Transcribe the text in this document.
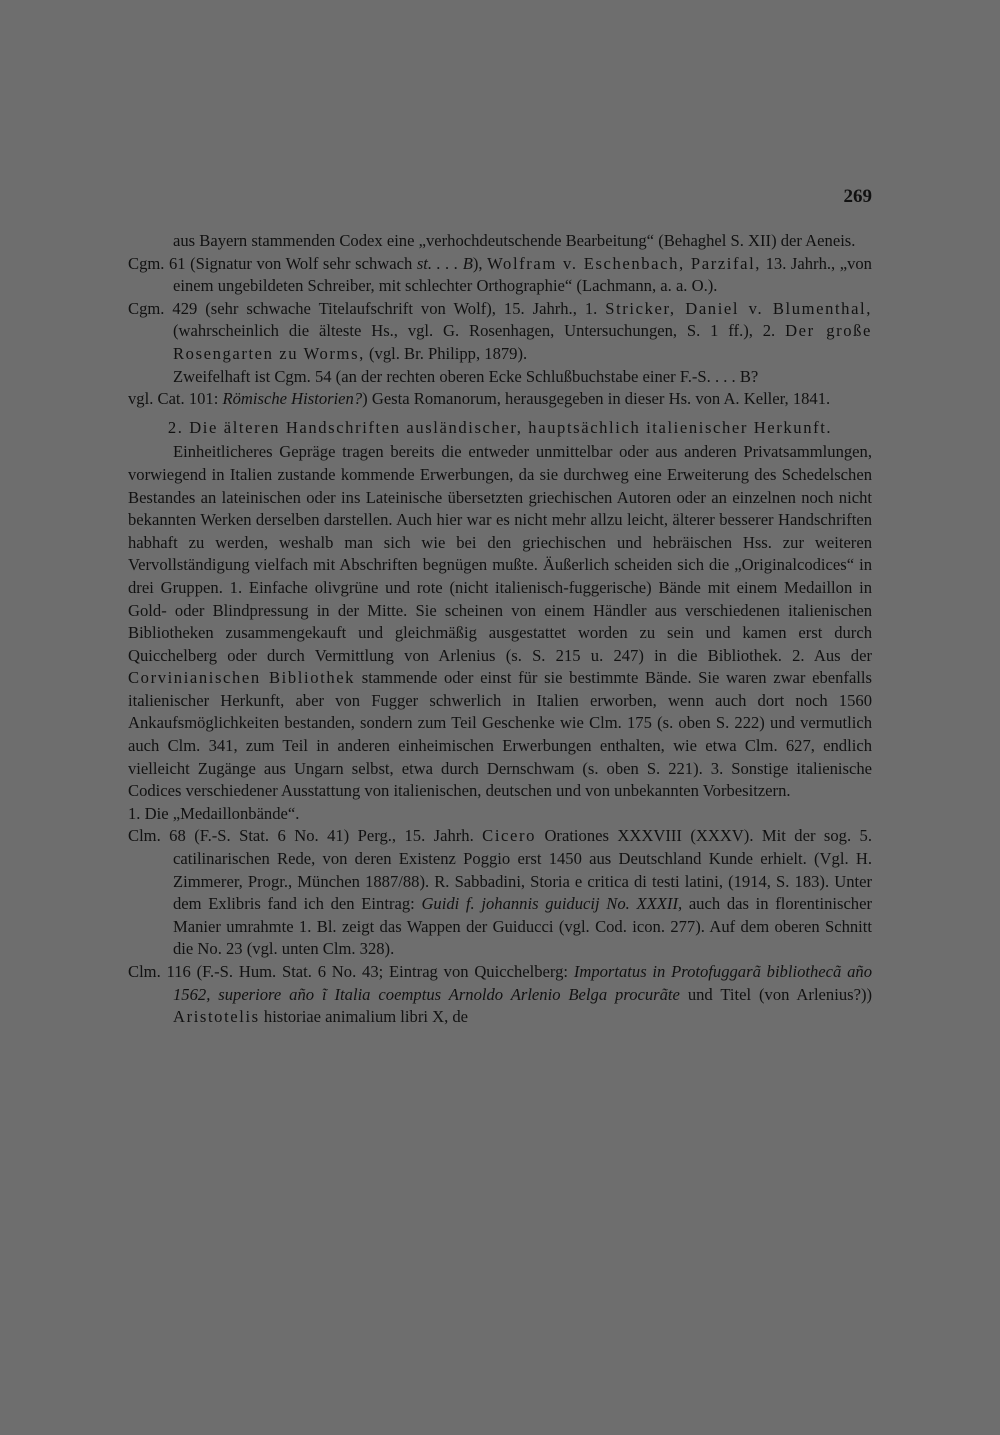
269

aus Bayern stammenden Codex eine „verhochdeutschende Bearbeitung“ (Behaghel S. XII) der Aeneis.

Cgm. 61 (Signatur von Wolf sehr schwach st. . . . B), Wolfram v. Eschenbach, Parzifal, 13. Jahrh., „von einem ungebildeten Schreiber, mit schlechter Orthographie“ (Lachmann, a. a. O.).

Cgm. 429 (sehr schwache Titelaufschrift von Wolf), 15. Jahrh., 1. Stricker, Daniel v. Blumenthal, (wahrscheinlich die älteste Hs., vgl. G. Rosenhagen, Untersuchungen, S. 1 ff.), 2. Der große Rosengarten zu Worms, (vgl. Br. Philipp, 1879).

Zweifelhaft ist Cgm. 54 (an der rechten oberen Ecke Schlußbuchstabe einer F.-S. . . . B?

vgl. Cat. 101: Römische Historien?) Gesta Romanorum, herausgegeben in dieser Hs. von A. Keller, 1841.

2. Die älteren Handschriften ausländischer, hauptsächlich italienischer Herkunft.

Einheitlicheres Gepräge tragen bereits die entweder unmittelbar oder aus anderen Privatsammlungen, vorwiegend in Italien zustande kommende Erwerbungen, da sie durchweg eine Erweiterung des Schedelschen Bestandes an lateinischen oder ins Lateinische übersetzten griechischen Autoren oder an einzelnen noch nicht bekannten Werken derselben darstellen. Auch hier war es nicht mehr allzu leicht, älterer besserer Handschriften habhaft zu werden, weshalb man sich wie bei den griechischen und hebräischen Hss. zur weiteren Vervollständigung vielfach mit Abschriften begnügen mußte. Äußerlich scheiden sich die „Originalcodices“ in drei Gruppen. 1. Einfache olivgrüne und rote (nicht italienisch-fuggerische) Bände mit einem Medaillon in Gold- oder Blindpressung in der Mitte. Sie scheinen von einem Händler aus verschiedenen italienischen Bibliotheken zusammengekauft und gleichmäßig ausgestattet worden zu sein und kamen erst durch Quicchelberg oder durch Vermittlung von Arlenius (s. S. 215 u. 247) in die Bibliothek. 2. Aus der Corvinianischen Bibliothek stammende oder einst für sie bestimmte Bände. Sie waren zwar ebenfalls italienischer Herkunft, aber von Fugger schwerlich in Italien erworben, wenn auch dort noch 1560 Ankaufsmöglichkeiten bestanden, sondern zum Teil Geschenke wie Clm. 175 (s. oben S. 222) und vermutlich auch Clm. 341, zum Teil in anderen einheimischen Erwerbungen enthalten, wie etwa Clm. 627, endlich vielleicht Zugänge aus Ungarn selbst, etwa durch Dernschwam (s. oben S. 221). 3. Sonstige italienische Codices verschiedener Ausstattung von italienischen, deutschen und von unbekannten Vorbesitzern.

1. Die „Medaillonbände“.

Clm. 68 (F.-S. Stat. 6 No. 41) Perg., 15. Jahrh. Cicero Orationes XXXVIII (XXXV). Mit der sog. 5. catilinarischen Rede, von deren Existenz Poggio erst 1450 aus Deutschland Kunde erhielt. (Vgl. H. Zimmerer, Progr., München 1887/88). R. Sabbadini, Storia e critica di testi latini, (1914, S. 183). Unter dem Exlibris fand ich den Eintrag: Guidi f. johannis guiducij No. XXXII, auch das in florentinischer Manier umrahmte 1. Bl. zeigt das Wappen der Guiducci (vgl. Cod. icon. 277). Auf dem oberen Schnitt die No. 23 (vgl. unten Clm. 328).

Clm. 116 (F.-S. Hum. Stat. 6 No. 43; Eintrag von Quicchelberg: Importatus in Protofuggarã bibliothecã año 1562, superiore año ĩ Italia coemptus Arnoldo Arlenio Belga procurãte und Titel (von Arlenius?)) Aristotelis historiae animalium libri X, de
